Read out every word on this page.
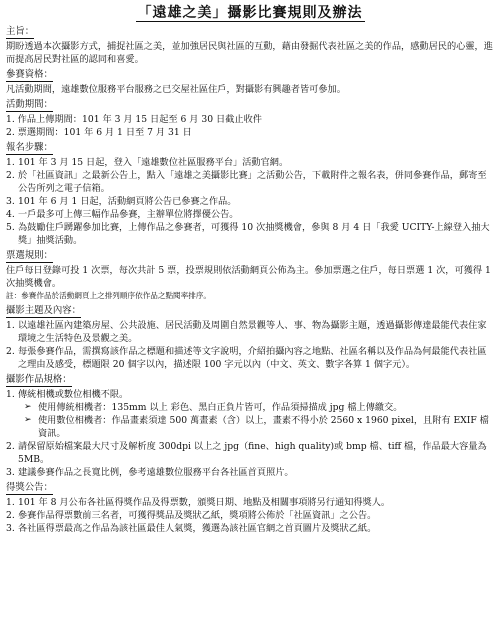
「遠雄之美」攝影比賽規則及辦法
主旨：

期盼透過本次攝影方式，捕捉社區之美，並加強居民與社區的互動，藉由發掘代表社區之美的作品，感動居民的心靈，進而提高居民對社區的認同和喜愛。

參賽資格：

凡活動期間，遠雄數位服務平台服務之已交屋社區住戶，對攝影有興趣者皆可參加。

活動期間：

1. 作品上傳期間：101 年 3 月 15 日起至 6 月 30 日截止收件

2. 票選期間：101 年 6 月 1 日至 7 月 31 日

報名步驟：
1. 101 年 3 月 15 日起，登入「遠雄數位社區服務平台」活動官網。
2. 於「社區資訊」之最新公告上，點入「遠雄之美攝影比賽」之活動公告，下載附件之報名表，併同參賽作品，郵寄至公告所列之電子信箱。
3. 101 年 6 月 1 日起，活動網頁將公告已參賽之作品。
4. 一戶最多可上傳三幅作品參賽，主辦單位將擇優公告。
5. 為鼓勵住戶踴躍參加比賽，上傳作品之參賽者，可獲得 10 次抽獎機會，參與 8 月 4 日「我愛 UCITY-上線登入抽大獎」抽獎活動。
票選規則：

住戶每日登錄可投 1 次票，每次共計 5 票，投票規則依活動網頁公佈為主。參加票選之住戶，每日票選 1 次，可獲得 1 次抽獎機會。

註：參賽作品於活動網頁上之排列順序依作品之點閱率排序。

攝影主題及內容：
1. 以遠雄社區內建築房屋、公共設施、居民活動及周圍自然景觀等人、事、物為攝影主題，透過攝影傳達最能代表住家環境之生活特色及景觀之美。
2. 每張參賽作品，需撰寫該作品之標題和描述等文字說明，介紹拍攝內容之地點、社區名稱以及作品為何最能代表社區之理由及感受，標題限 20 個字以內，描述限 100 字元以內（中文、英文、數字各算 1 個字元）。
攝影作品規格：
1. 傳統相機或數位相機不限。
➢ 使用傳統相機者：135mm 以上 彩色、黑白正負片皆可，作品須掃描成 jpg 檔上傳繳交。
➢ 使用數位相機者：作品畫素須達 500 萬畫素（含）以上，畫素不得小於 2560 x 1960 pixel，且附有 EXIF 檔資訊。
2. 請保留原始檔案最大尺寸及解析度 300dpi 以上之 jpg（fine、high quality)或 bmp 檔、tiff 檔，作品最大容量為 5MB。
3. 建議參賽作品之長寬比例，參考遠雄數位服務平台各社區首頁照片。
得獎公告：
1. 101 年 8 月公布各社區得獎作品及得票數，頒獎日期、地點及相關事項將另行通知得獎人。
2. 參賽作品得票數前三名者，可獲得獎品及獎狀乙紙，獎項將公佈於「社區資訊」之公告。
3. 各社區得票最高之作品為該社區最佳人氣獎，獲選為該社區官網之首頁圖片及獎狀乙紙。
